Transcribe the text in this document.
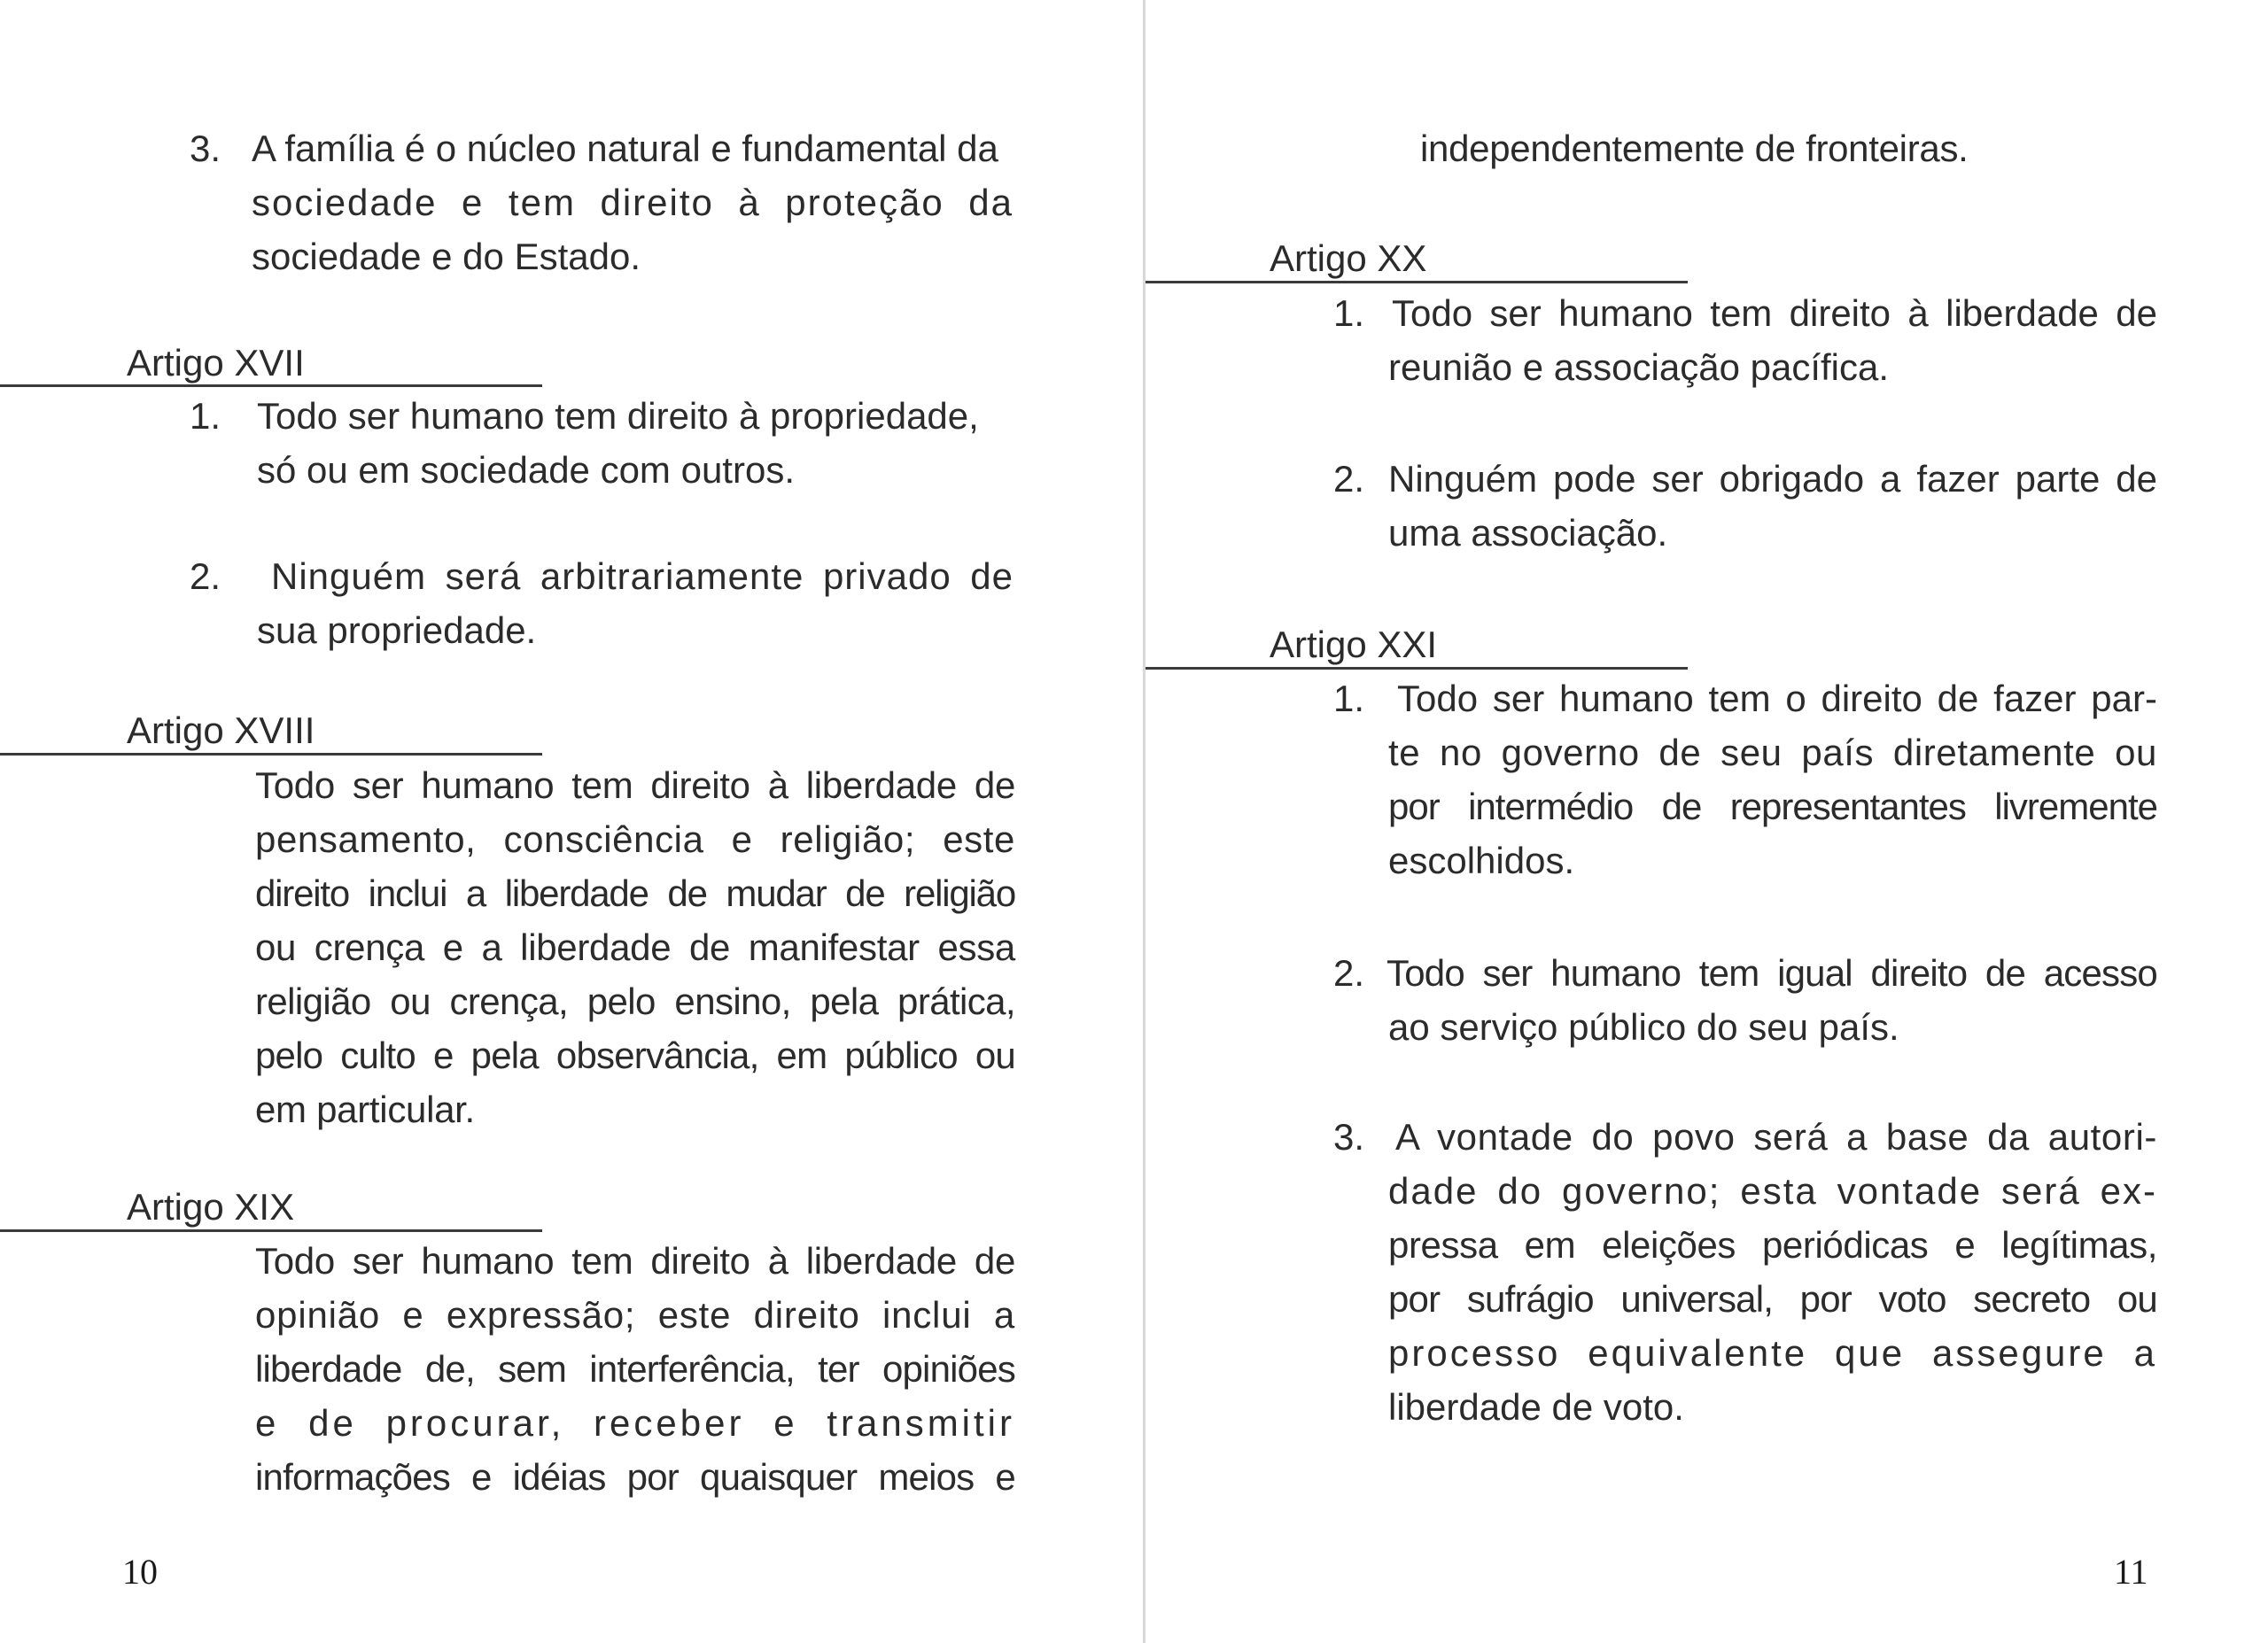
3. A família é o núcleo natural e fundamental da
sociedade e tem direito à proteção da
sociedade e do Estado.
Artigo XVII
1. Todo ser humano tem direito à propriedade,
só ou em sociedade com outros.
2. Ninguém será arbitrariamente privado de
sua propriedade.
Artigo XVIII
Todo ser humano tem direito à liberdade de
pensamento, consciência e religião; este
direito inclui a liberdade de mudar de religião
ou crença e a liberdade de manifestar essa
religião ou crença, pelo ensino, pela prática,
pelo culto e pela observância, em público ou
em particular.
Artigo XIX
Todo ser humano tem direito à liberdade de
opinião e expressão; este direito inclui a
liberdade de, sem interferência, ter opiniões
e de procurar, receber e transmitir
informações e idéias por quaisquer meios e
10
independentemente de fronteiras.
Artigo XX
1. Todo ser humano tem direito à liberdade de
reunião e associação pacífica.
2. Ninguém pode ser obrigado a fazer parte de
uma associação.
Artigo XXI
1. Todo ser humano tem o direito de fazer par-
te no governo de seu país diretamente ou
por intermédio de representantes livremente
escolhidos.
2. Todo ser humano tem igual direito de acesso
ao serviço público do seu país.
3. A vontade do povo será a base da autori-
dade do governo; esta vontade será ex-
pressa em eleições periódicas e legítimas,
por sufrágio universal, por voto secreto ou
processo equivalente que assegure a
liberdade de voto.
11
